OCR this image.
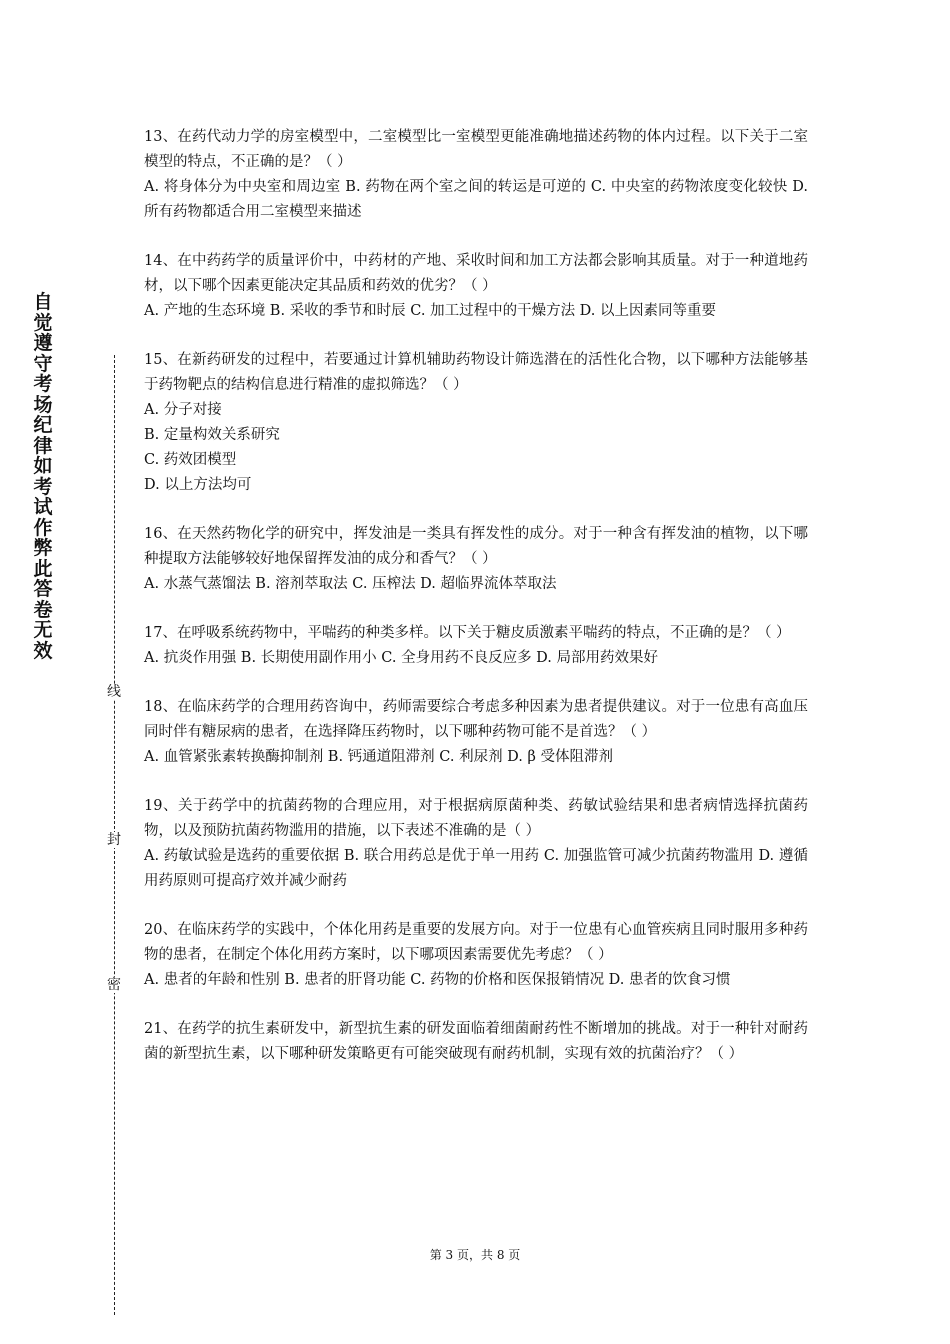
自觉遵守考场纪律如考试作弊此答卷无效
线
封
密

13、在药代动力学的房室模型中，二室模型比一室模型更能准确地描述药物的体内过程。以下关于二室模型的特点，不正确的是？（ ）

A. 将身体分为中央室和周边室 B. 药物在两个室之间的转运是可逆的 C. 中央室的药物浓度变化较快 D. 所有药物都适合用二室模型来描述

14、在中药药学的质量评价中，中药材的产地、采收时间和加工方法都会影响其质量。对于一种道地药材，以下哪个因素更能决定其品质和药效的优劣？（ ）

A. 产地的生态环境 B. 采收的季节和时辰 C. 加工过程中的干燥方法 D. 以上因素同等重要

15、在新药研发的过程中，若要通过计算机辅助药物设计筛选潜在的活性化合物，以下哪种方法能够基于药物靶点的结构信息进行精准的虚拟筛选？（ ）

A. 分子对接

B. 定量构效关系研究

C. 药效团模型

D. 以上方法均可

16、在天然药物化学的研究中，挥发油是一类具有挥发性的成分。对于一种含有挥发油的植物，以下哪种提取方法能够较好地保留挥发油的成分和香气？（ ）

A. 水蒸气蒸馏法 B. 溶剂萃取法 C. 压榨法 D. 超临界流体萃取法

17、在呼吸系统药物中，平喘药的种类多样。以下关于糖皮质激素平喘药的特点，不正确的是？（ ）

A. 抗炎作用强 B. 长期使用副作用小 C. 全身用药不良反应多 D. 局部用药效果好

18、在临床药学的合理用药咨询中，药师需要综合考虑多种因素为患者提供建议。对于一位患有高血压同时伴有糖尿病的患者，在选择降压药物时，以下哪种药物可能不是首选？（ ）

A. 血管紧张素转换酶抑制剂 B. 钙通道阻滞剂 C. 利尿剂 D. β 受体阻滞剂

19、关于药学中的抗菌药物的合理应用，对于根据病原菌种类、药敏试验结果和患者病情选择抗菌药物，以及预防抗菌药物滥用的措施，以下表述不准确的是（ ）

A. 药敏试验是选药的重要依据 B. 联合用药总是优于单一用药 C. 加强监管可减少抗菌药物滥用 D. 遵循用药原则可提高疗效并减少耐药

20、在临床药学的实践中，个体化用药是重要的发展方向。对于一位患有心血管疾病且同时服用多种药物的患者，在制定个体化用药方案时，以下哪项因素需要优先考虑？（ ）

A. 患者的年龄和性别 B. 患者的肝肾功能 C. 药物的价格和医保报销情况 D. 患者的饮食习惯

21、在药学的抗生素研发中，新型抗生素的研发面临着细菌耐药性不断增加的挑战。对于一种针对耐药菌的新型抗生素，以下哪种研发策略更有可能突破现有耐药机制，实现有效的抗菌治疗？（ ）

第 3 页，共 8 页
